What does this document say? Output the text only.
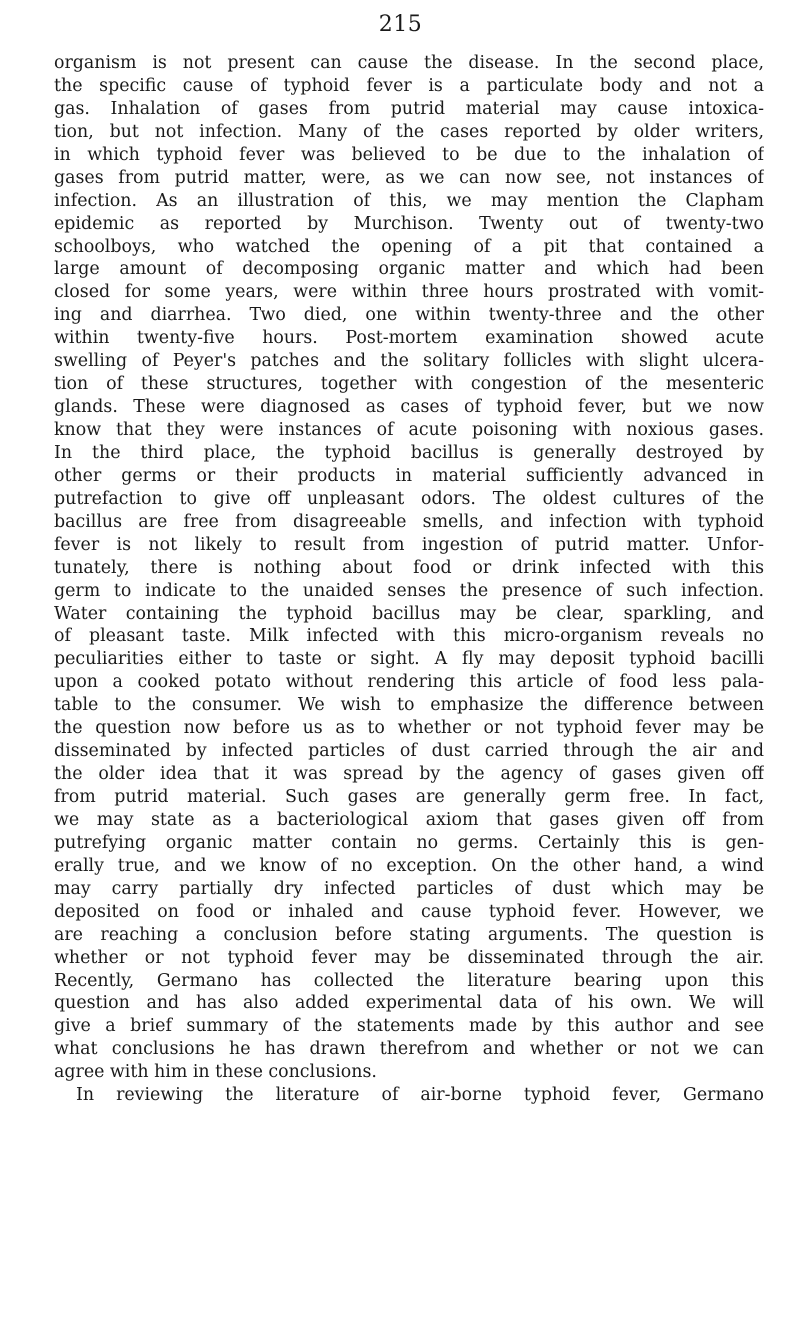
215
organism is not present can cause the disease. In the second place,
the specific cause of typhoid fever is a particulate body and not a
gas. Inhalation of gases from putrid material may cause intoxica-
tion, but not infection. Many of the cases reported by older writers,
in which typhoid fever was believed to be due to the inhalation of
gases from putrid matter, were, as we can now see, not instances of
infection. As an illustration of this, we may mention the Clapham
epidemic as reported by Murchison. Twenty out of twenty-two
schoolboys, who watched the opening of a pit that contained a
large amount of decomposing organic matter and which had been
closed for some years, were within three hours prostrated with vomit-
ing and diarrhea. Two died, one within twenty-three and the other
within twenty-five hours. Post-mortem examination showed acute
swelling of Peyer's patches and the solitary follicles with slight ulcera-
tion of these structures, together with congestion of the mesenteric
glands. These were diagnosed as cases of typhoid fever, but we now
know that they were instances of acute poisoning with noxious gases.
In the third place, the typhoid bacillus is generally destroyed by
other germs or their products in material sufficiently advanced in
putrefaction to give off unpleasant odors. The oldest cultures of the
bacillus are free from disagreeable smells, and infection with typhoid
fever is not likely to result from ingestion of putrid matter. Unfor-
tunately, there is nothing about food or drink infected with this
germ to indicate to the unaided senses the presence of such infection.
Water containing the typhoid bacillus may be clear, sparkling, and
of pleasant taste. Milk infected with this micro-organism reveals no
peculiarities either to taste or sight. A fly may deposit typhoid bacilli
upon a cooked potato without rendering this article of food less pala-
table to the consumer. We wish to emphasize the difference between
the question now before us as to whether or not typhoid fever may be
disseminated by infected particles of dust carried through the air and
the older idea that it was spread by the agency of gases given off
from putrid material. Such gases are generally germ free. In fact,
we may state as a bacteriological axiom that gases given off from
putrefying organic matter contain no germs. Certainly this is gen-
erally true, and we know of no exception. On the other hand, a wind
may carry partially dry infected particles of dust which may be
deposited on food or inhaled and cause typhoid fever. However, we
are reaching a conclusion before stating arguments. The question is
whether or not typhoid fever may be disseminated through the air.
Recently, Germano has collected the literature bearing upon this
question and has also added experimental data of his own. We will
give a brief summary of the statements made by this author and see
what conclusions he has drawn therefrom and whether or not we can
agree with him in these conclusions.
In reviewing the literature of air-borne typhoid fever, Germano
